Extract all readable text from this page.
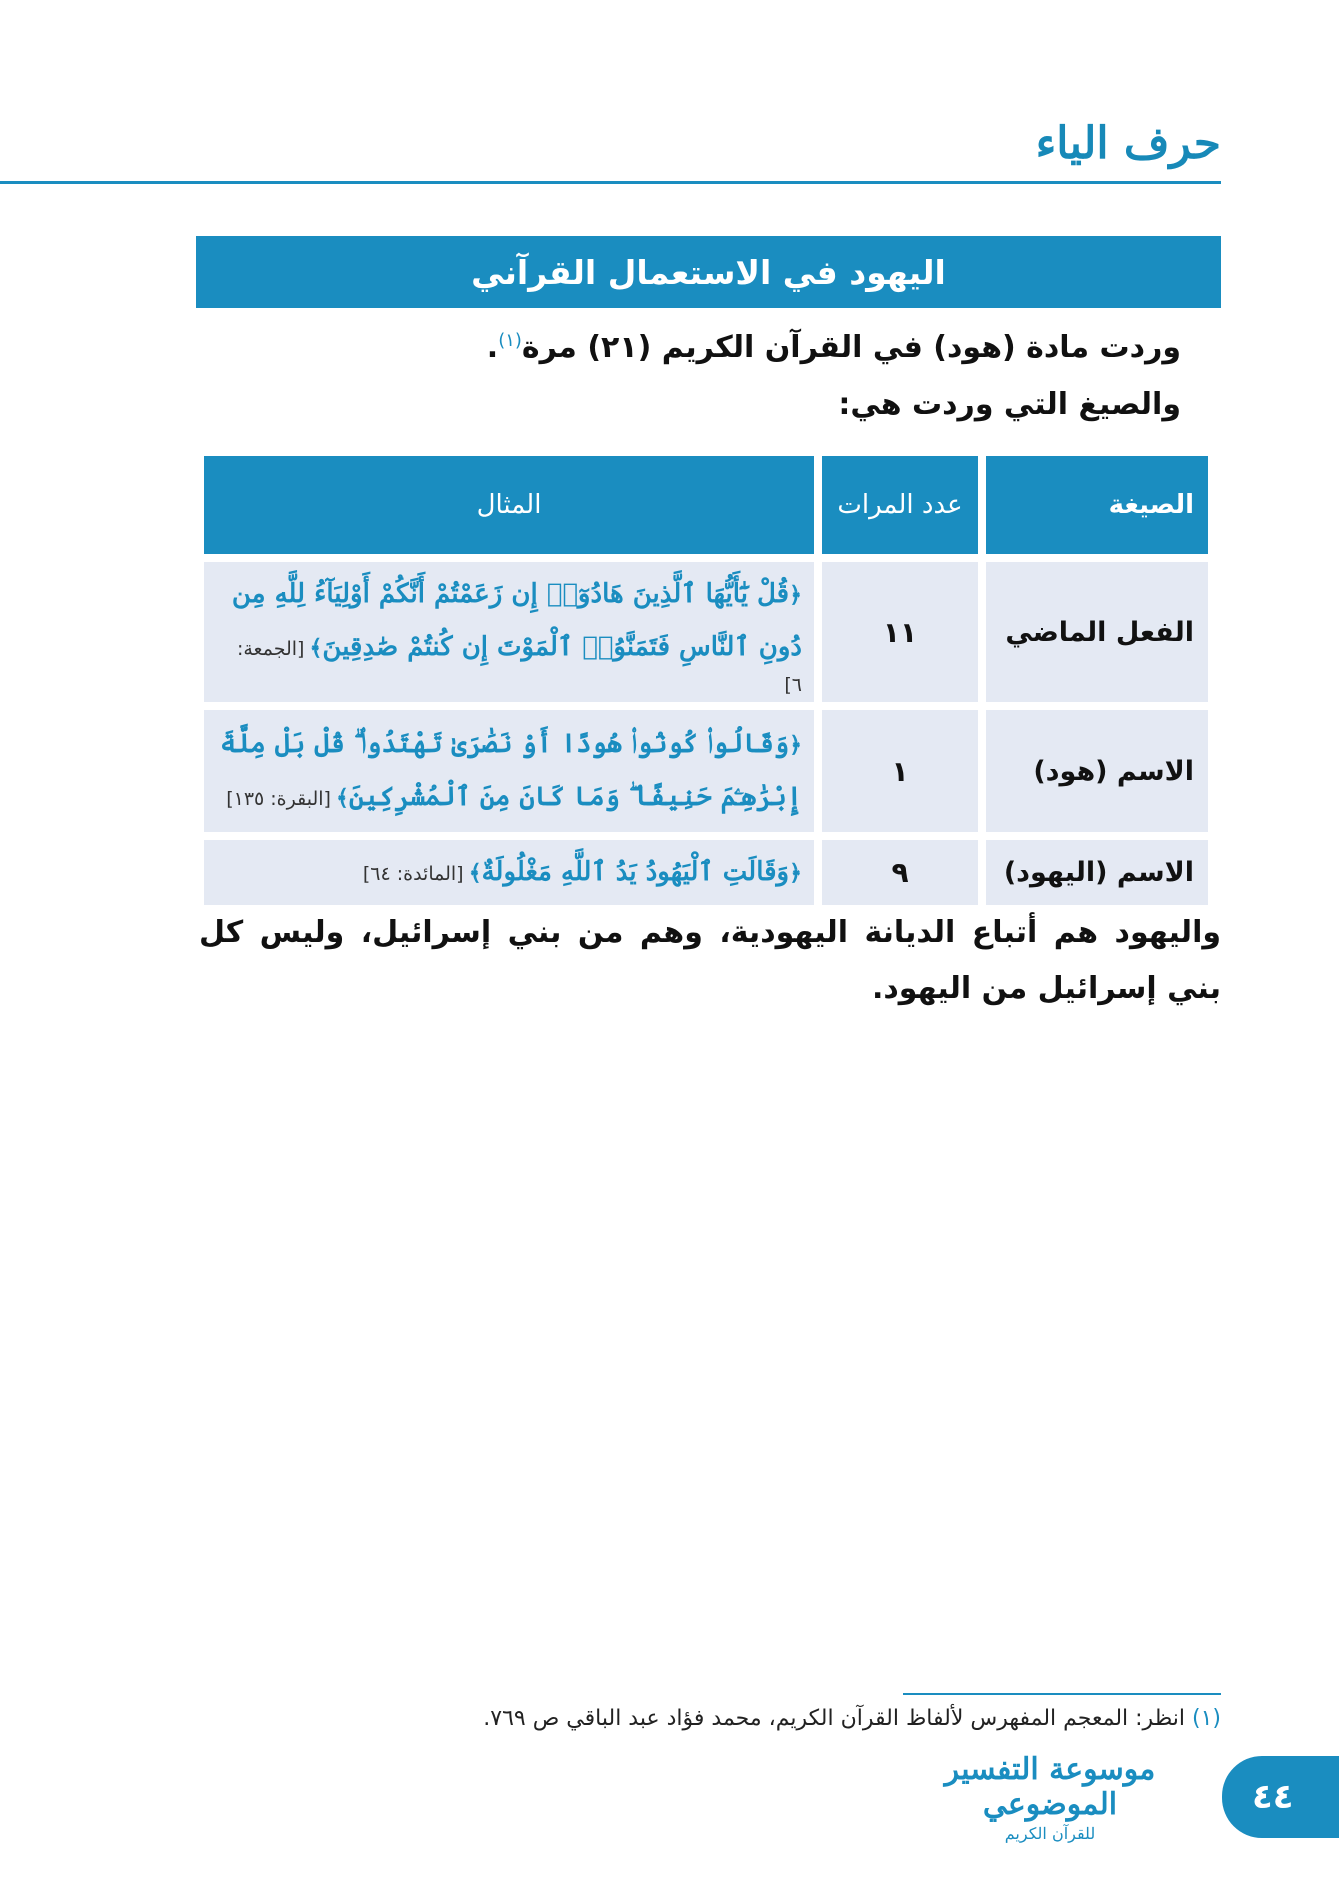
حرف الياء
اليهود في الاستعمال القرآني
وردت مادة (هود) في القرآن الكريم (٢١) مرة$^{(١)}$.
والصيغ التي وردت هي:
الصيغة	عدد المرات	المثال
الفعل الماضي	١١	﴿قُلْ يَٰٓأَيُّهَا ٱلَّذِينَ هَادُوٓا۟ إِن زَعَمْتُمْ أَنَّكُمْ أَوْلِيَآءُ لِلَّهِ مِن دُونِ ٱلنَّاسِ فَتَمَنَّوُا۟ ٱلْمَوْتَ إِن كُنتُمْ صَٰدِقِينَ﴾ [الجمعة: ٦]
الاسم (هود)	١	﴿وَقَالُوا۟ كُونُوا۟ هُودًا أَوْ نَصَٰرَىٰ تَهْتَدُوا۟ ۗ قُلْ بَلْ مِلَّةَ إِبْرَٰهِـۧمَ حَنِيفًا ۖ وَمَا كَانَ مِنَ ٱلْمُشْرِكِينَ﴾ [البقرة: ١٣٥]
الاسم (اليهود)	٩	﴿وَقَالَتِ ٱلْيَهُودُ يَدُ ٱللَّهِ مَغْلُولَةٌ﴾ [المائدة: ٦٤]
واليهود هم أتباع الديانة اليهودية، وهم من بني إسرائيل، وليس كل بني إسرائيل من اليهود.
(١) انظر: المعجم المفهرس لألفاظ القرآن الكريم، محمد فؤاد عبد الباقي ص ٧٦٩.
موسوعة التفسير الموضوعي
للقرآن الكريم
٤٤
